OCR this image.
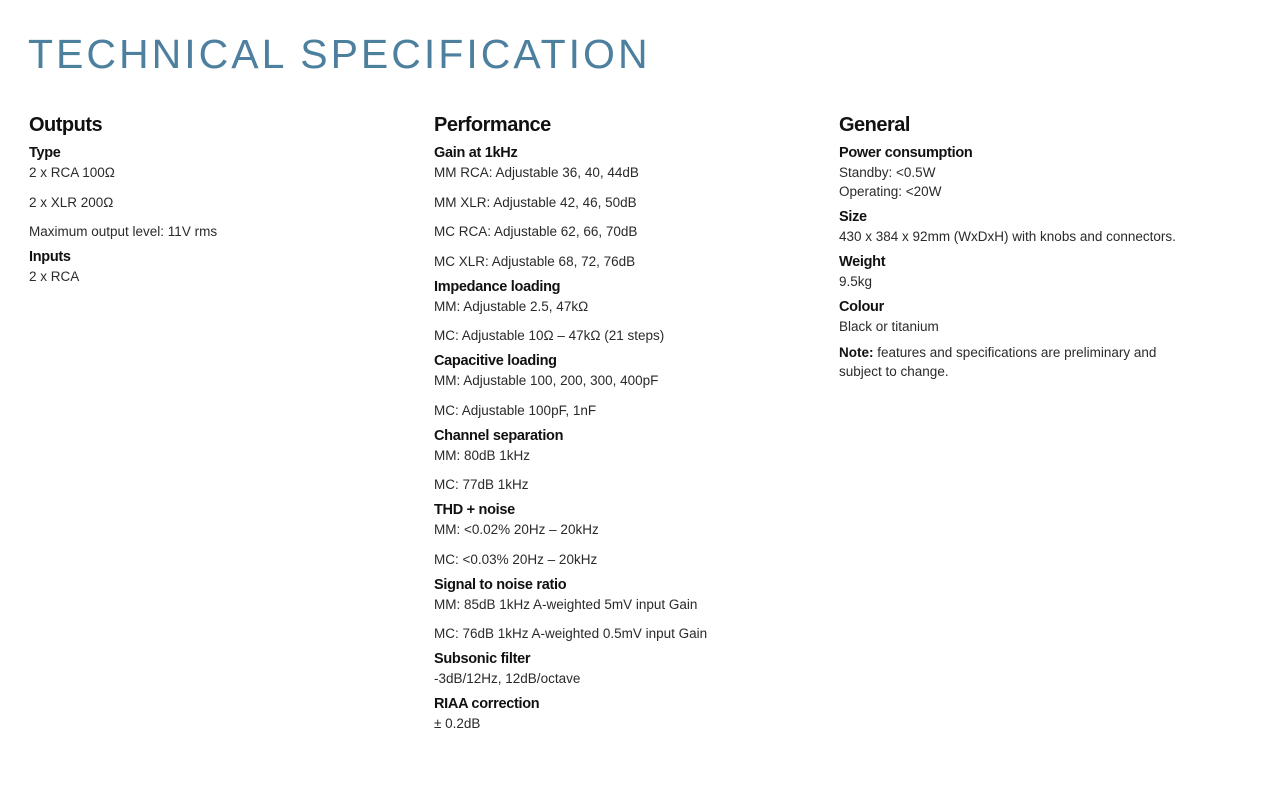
TECHNICAL SPECIFICATION
Outputs
Type
2 x RCA 100Ω
2 x XLR 200Ω
Maximum output level: 11V rms
Inputs
2 x RCA
Performance
Gain at 1kHz
MM RCA: Adjustable 36, 40, 44dB
MM XLR: Adjustable 42, 46, 50dB
MC RCA: Adjustable 62, 66, 70dB
MC XLR: Adjustable 68, 72, 76dB
Impedance loading
MM: Adjustable 2.5, 47kΩ
MC: Adjustable 10Ω – 47kΩ (21 steps)
Capacitive loading
MM: Adjustable 100, 200, 300, 400pF
MC: Adjustable 100pF, 1nF
Channel separation
MM: 80dB 1kHz
MC: 77dB 1kHz
THD + noise
MM: <0.02% 20Hz – 20kHz
MC: <0.03% 20Hz – 20kHz
Signal to noise ratio
MM: 85dB 1kHz A-weighted 5mV input Gain
MC: 76dB 1kHz A-weighted 0.5mV input Gain
Subsonic filter
-3dB/12Hz, 12dB/octave
RIAA correction
± 0.2dB
General
Power consumption
Standby: <0.5W
Operating: <20W
Size
430 x 384 x 92mm (WxDxH) with knobs and connectors.
Weight
9.5kg
Colour
Black or titanium
Note: features and specifications are preliminary and subject to change.
